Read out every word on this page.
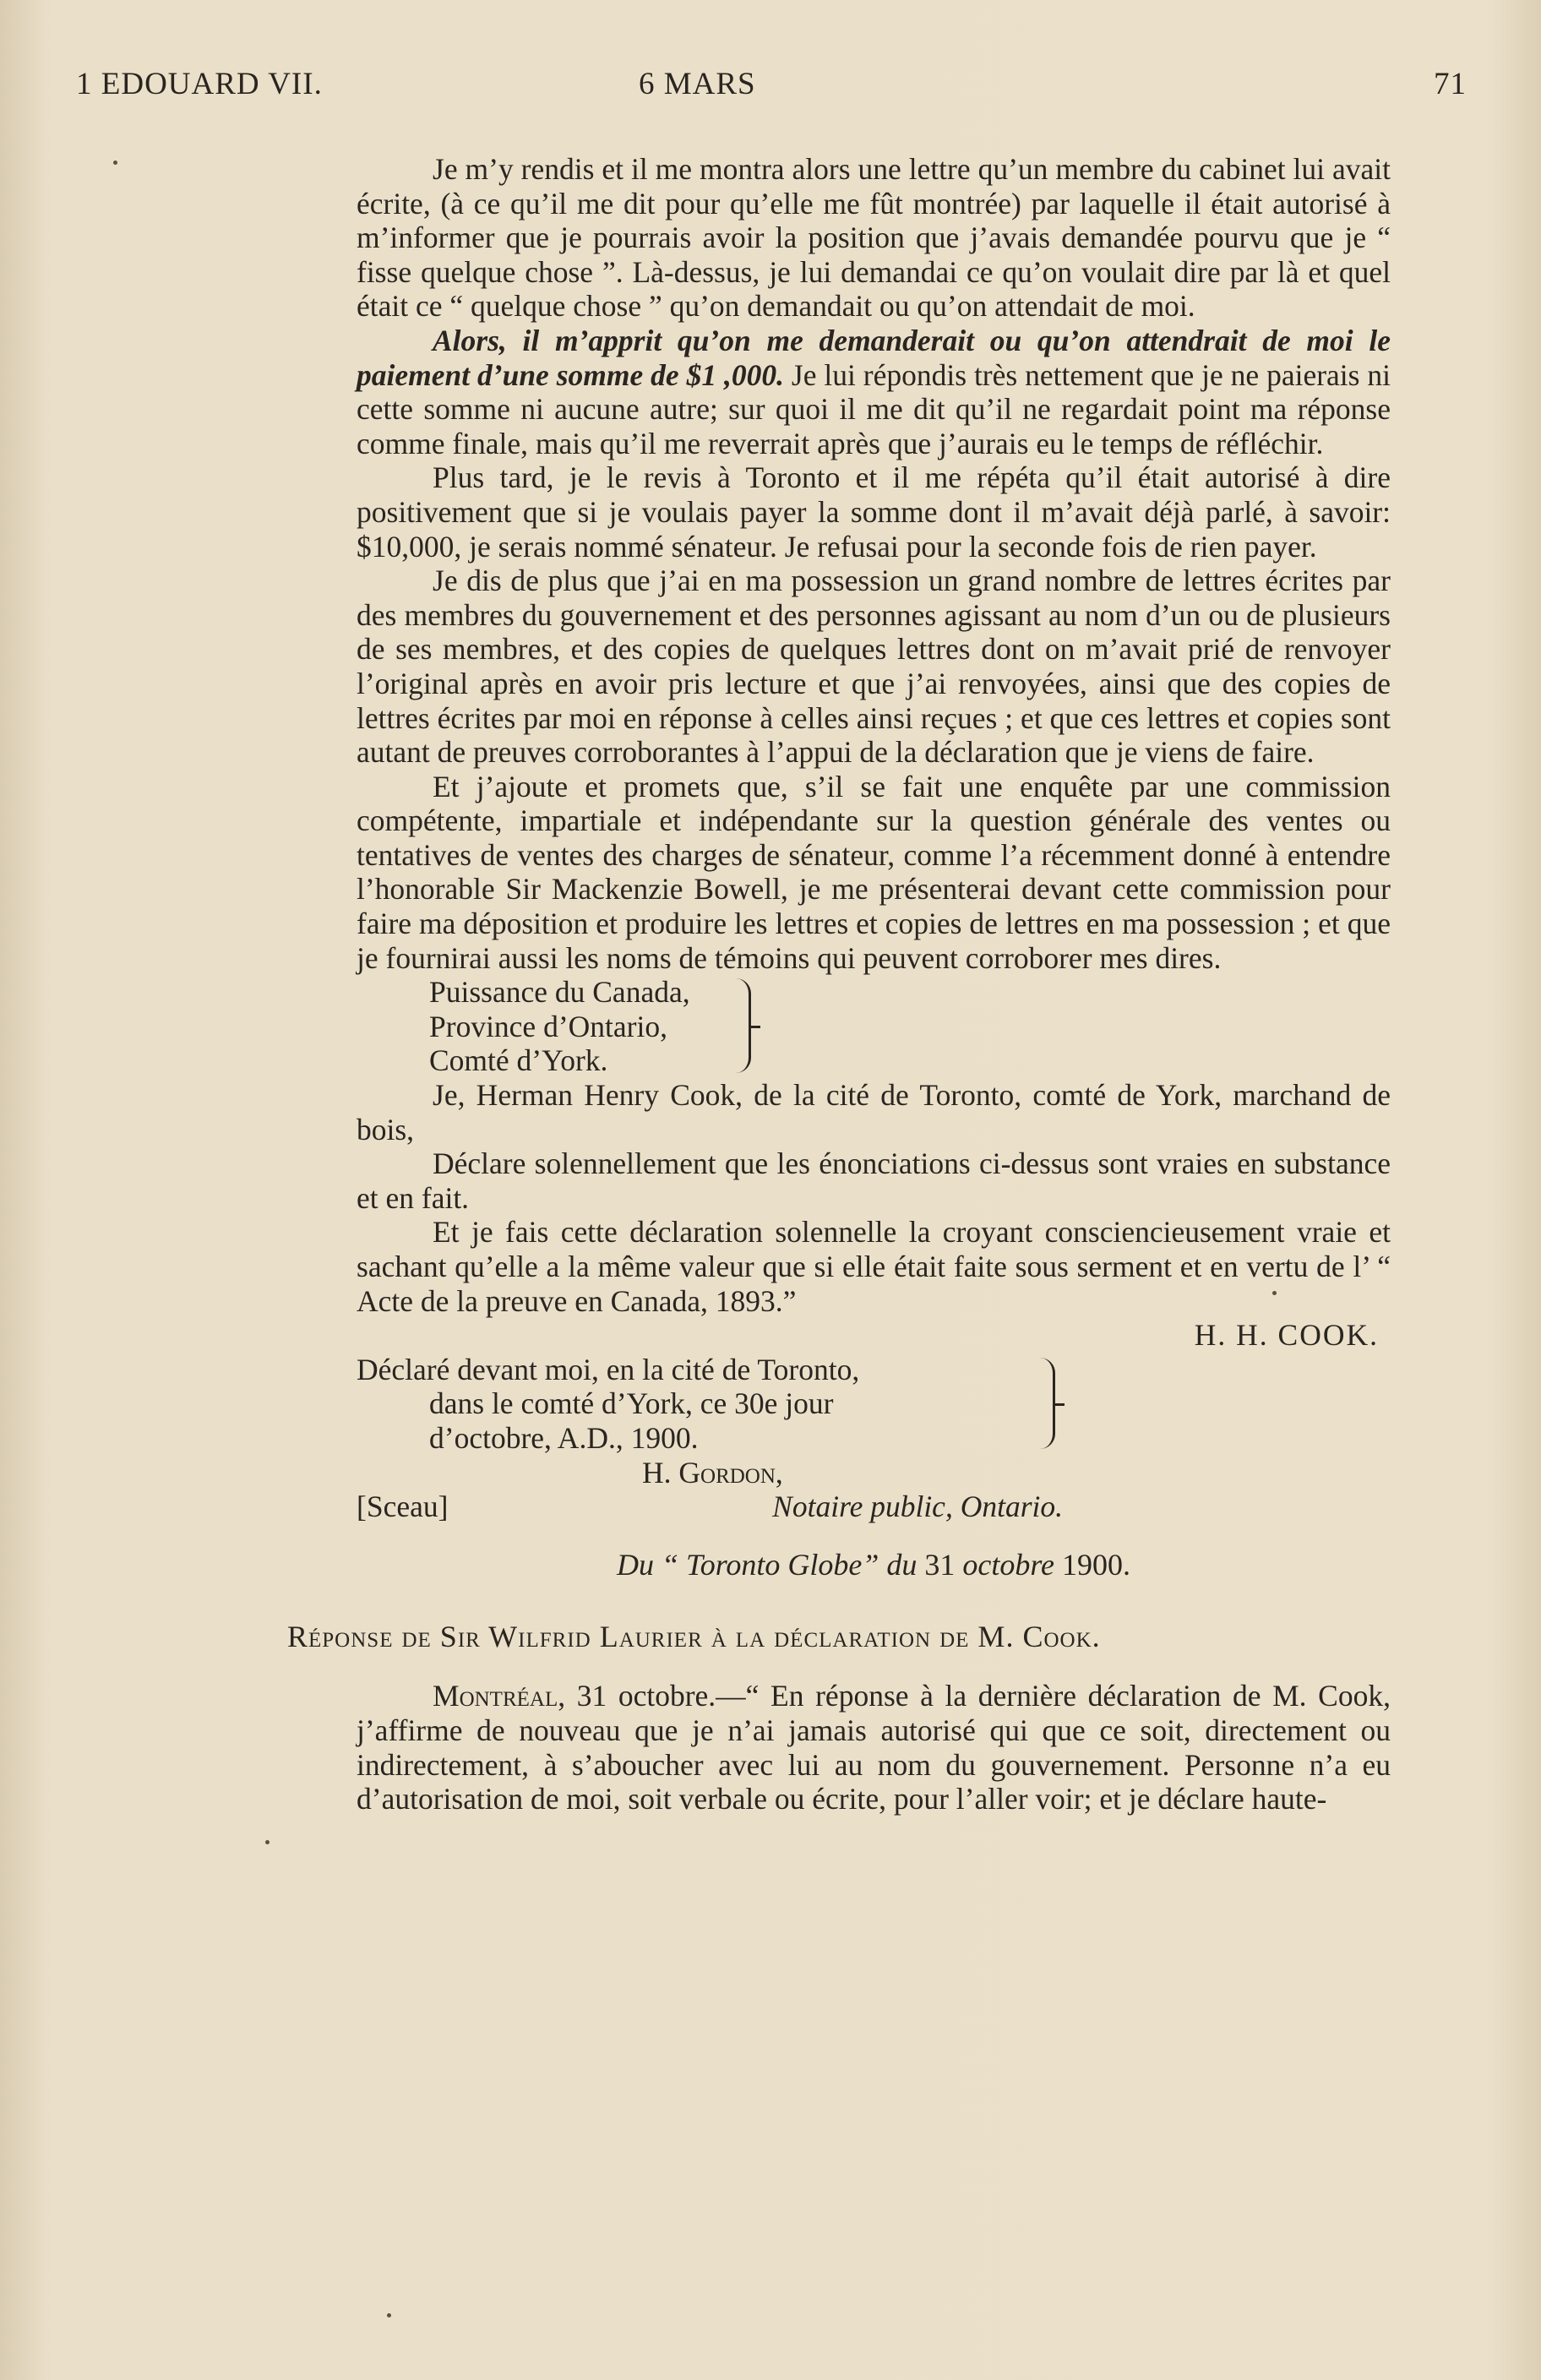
1 EDOUARD VII.	6 MARS	71

Je m’y rendis et il me montra alors une lettre qu’un membre du cabinet lui avait écrite, (à ce qu’il me dit pour qu’elle me fût montrée) par laquelle il était autorisé à m’informer que je pourrais avoir la position que j’avais demandée pourvu que je “ fisse quelque chose ”. Là-dessus, je lui demandai ce qu’on voulait dire par là et quel était ce “ quelque chose ” qu’on demandait ou qu’on attendait de moi.

Alors, il m’apprit qu’on me demanderait ou qu’on attendrait de moi le paiement d’une somme de $1 ,000. Je lui répondis très nettement que je ne paierais ni cette somme ni aucune autre; sur quoi il me dit qu’il ne regardait point ma réponse comme finale, mais qu’il me reverrait après que j’aurais eu le temps de réfléchir.

Plus tard, je le revis à Toronto et il me répéta qu’il était autorisé à dire positivement que si je voulais payer la somme dont il m’avait déjà parlé, à savoir: $10,000, je serais nommé sénateur. Je refusai pour la seconde fois de rien payer.

Je dis de plus que j’ai en ma possession un grand nombre de lettres écrites par des membres du gouvernement et des personnes agissant au nom d’un ou de plusieurs de ses membres, et des copies de quelques lettres dont on m’avait prié de renvoyer l’original après en avoir pris lecture et que j’ai renvoyées, ainsi que des copies de lettres écrites par moi en réponse à celles ainsi reçues ; et que ces lettres et copies sont autant de preuves corroborantes à l’appui de la déclaration que je viens de faire.

Et j’ajoute et promets que, s’il se fait une enquête par une commission compétente, impartiale et indépendante sur la question générale des ventes ou tentatives de ventes des charges de sénateur, comme l’a récemment donné à entendre l’honorable Sir Mackenzie Bowell, je me présenterai devant cette commission pour faire ma déposition et produire les lettres et copies de lettres en ma possession ; et que je fournirai aussi les noms de témoins qui peuvent corroborer mes dires.

Puissance du Canada,
Province d’Ontario,
Comté d’York.

Je, Herman Henry Cook, de la cité de Toronto, comté de York, marchand de bois,

Déclare solennellement que les énonciations ci-dessus sont vraies en substance et en fait.

Et je fais cette déclaration solennelle la croyant consciencieusement vraie et sachant qu’elle a la même valeur que si elle était faite sous serment et en vertu de l’ “ Acte de la preuve en Canada, 1893.”

H. H. COOK.

Déclaré devant moi, en la cité de Toronto,

dans le comté d’York, ce 30e jour

d’octobre, A.D., 1900.

H. Gordon,

[Sceau]	Notaire public, Ontario.

Du “ Toronto Globe” du 31 octobre 1900.

Réponse de Sir Wilfrid Laurier à la déclaration de M. Cook.

Montréal, 31 octobre.—“ En réponse à la dernière déclaration de M. Cook, j’affirme de nouveau que je n’ai jamais autorisé qui que ce soit, directement ou indirectement, à s’aboucher avec lui au nom du gouvernement. Personne n’a eu d’autorisation de moi, soit verbale ou écrite, pour l’aller voir; et je déclare haute-
